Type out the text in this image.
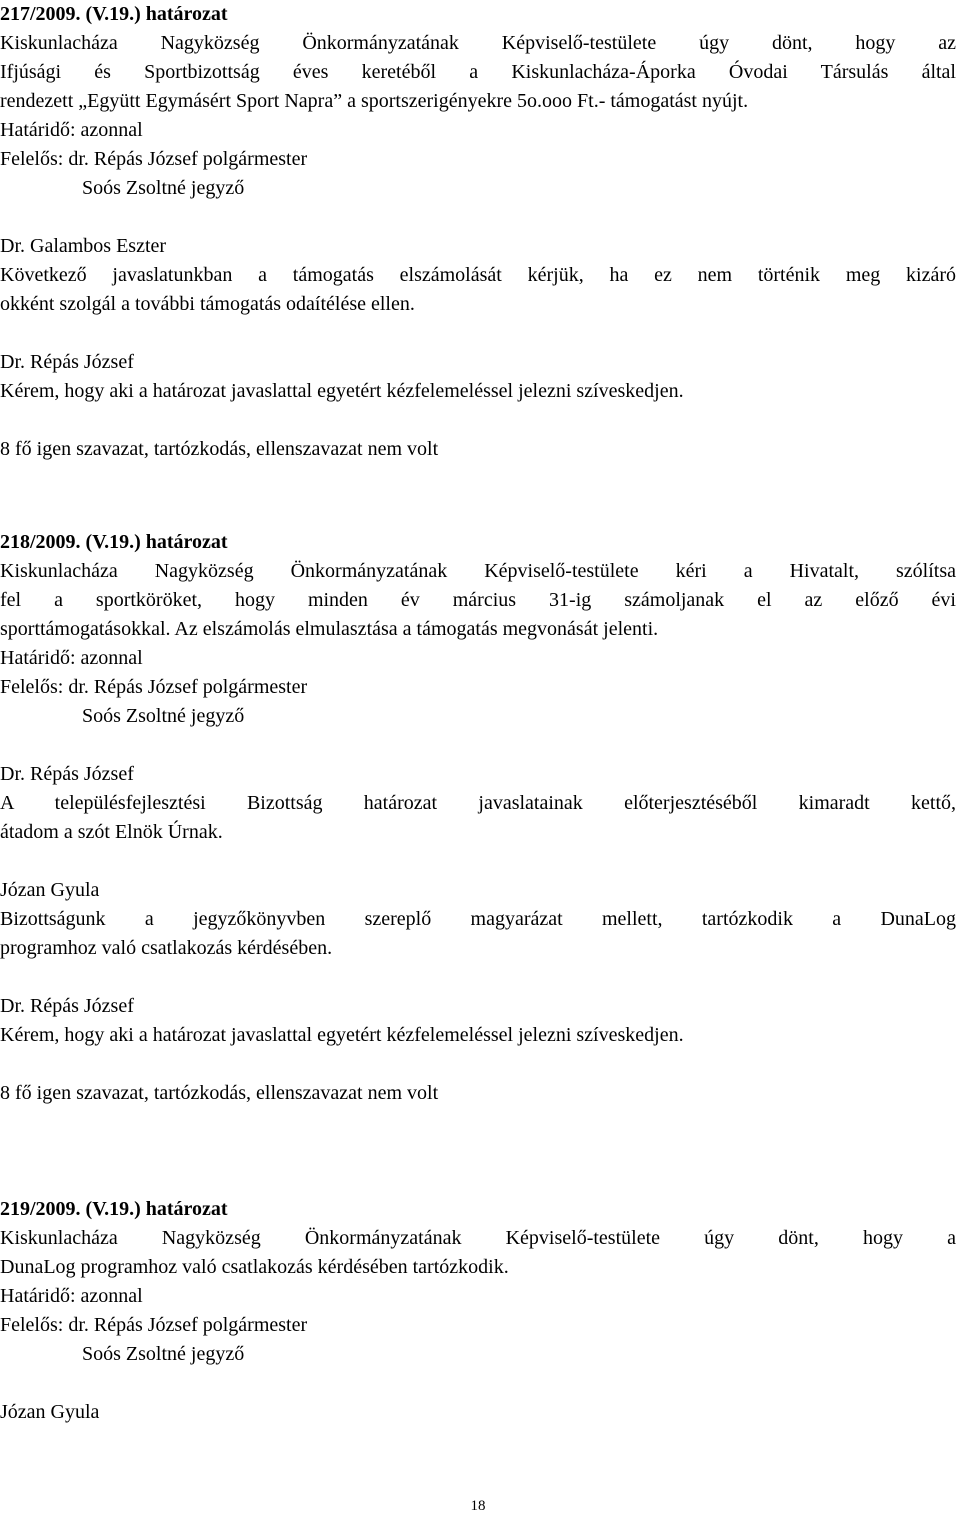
217/2009. (V.19.) határozat
Kiskunlacháza Nagyközség Önkormányzatának Képviselő-testülete úgy dönt, hogy az
Ifjúsági és Sportbizottság éves keretéből a Kiskunlacháza-Áporka Óvodai Társulás által
rendezett „Együtt Egymásért Sport Napra” a sportszerigényekre 5o.ooo Ft.- támogatást nyújt.
Határidő: azonnal
Felelős: dr. Répás József polgármester
Soós Zsoltné jegyző
Dr. Galambos Eszter
Következő javaslatunkban a támogatás elszámolását kérjük, ha ez nem történik meg kizáró
okként szolgál a további támogatás odaítélése ellen.
Dr. Répás József
Kérem, hogy aki a határozat javaslattal egyetért kézfelemeléssel jelezni szíveskedjen.
8 fő igen szavazat, tartózkodás, ellenszavazat nem volt
218/2009. (V.19.) határozat
Kiskunlacháza Nagyközség Önkormányzatának Képviselő-testülete kéri a Hivatalt, szólítsa
fel a sportköröket, hogy minden év március 31-ig számoljanak el az előző évi
sporttámogatásokkal. Az elszámolás elmulasztása a támogatás megvonását jelenti.
Határidő: azonnal
Felelős: dr. Répás József polgármester
Soós Zsoltné jegyző
Dr. Répás József
A településfejlesztési Bizottság határozat javaslatainak előterjesztéséből kimaradt kettő,
átadom a szót Elnök Úrnak.
Józan Gyula
Bizottságunk a jegyzőkönyvben szereplő magyarázat mellett, tartózkodik a DunaLog
programhoz való csatlakozás kérdésében.
Dr. Répás József
Kérem, hogy aki a határozat javaslattal egyetért kézfelemeléssel jelezni szíveskedjen.
8 fő igen szavazat, tartózkodás, ellenszavazat nem volt
219/2009. (V.19.) határozat
Kiskunlacháza Nagyközség Önkormányzatának Képviselő-testülete úgy dönt, hogy a
DunaLog programhoz való csatlakozás kérdésében tartózkodik.
Határidő: azonnal
Felelős: dr. Répás József polgármester
Soós Zsoltné jegyző
Józan Gyula
18
